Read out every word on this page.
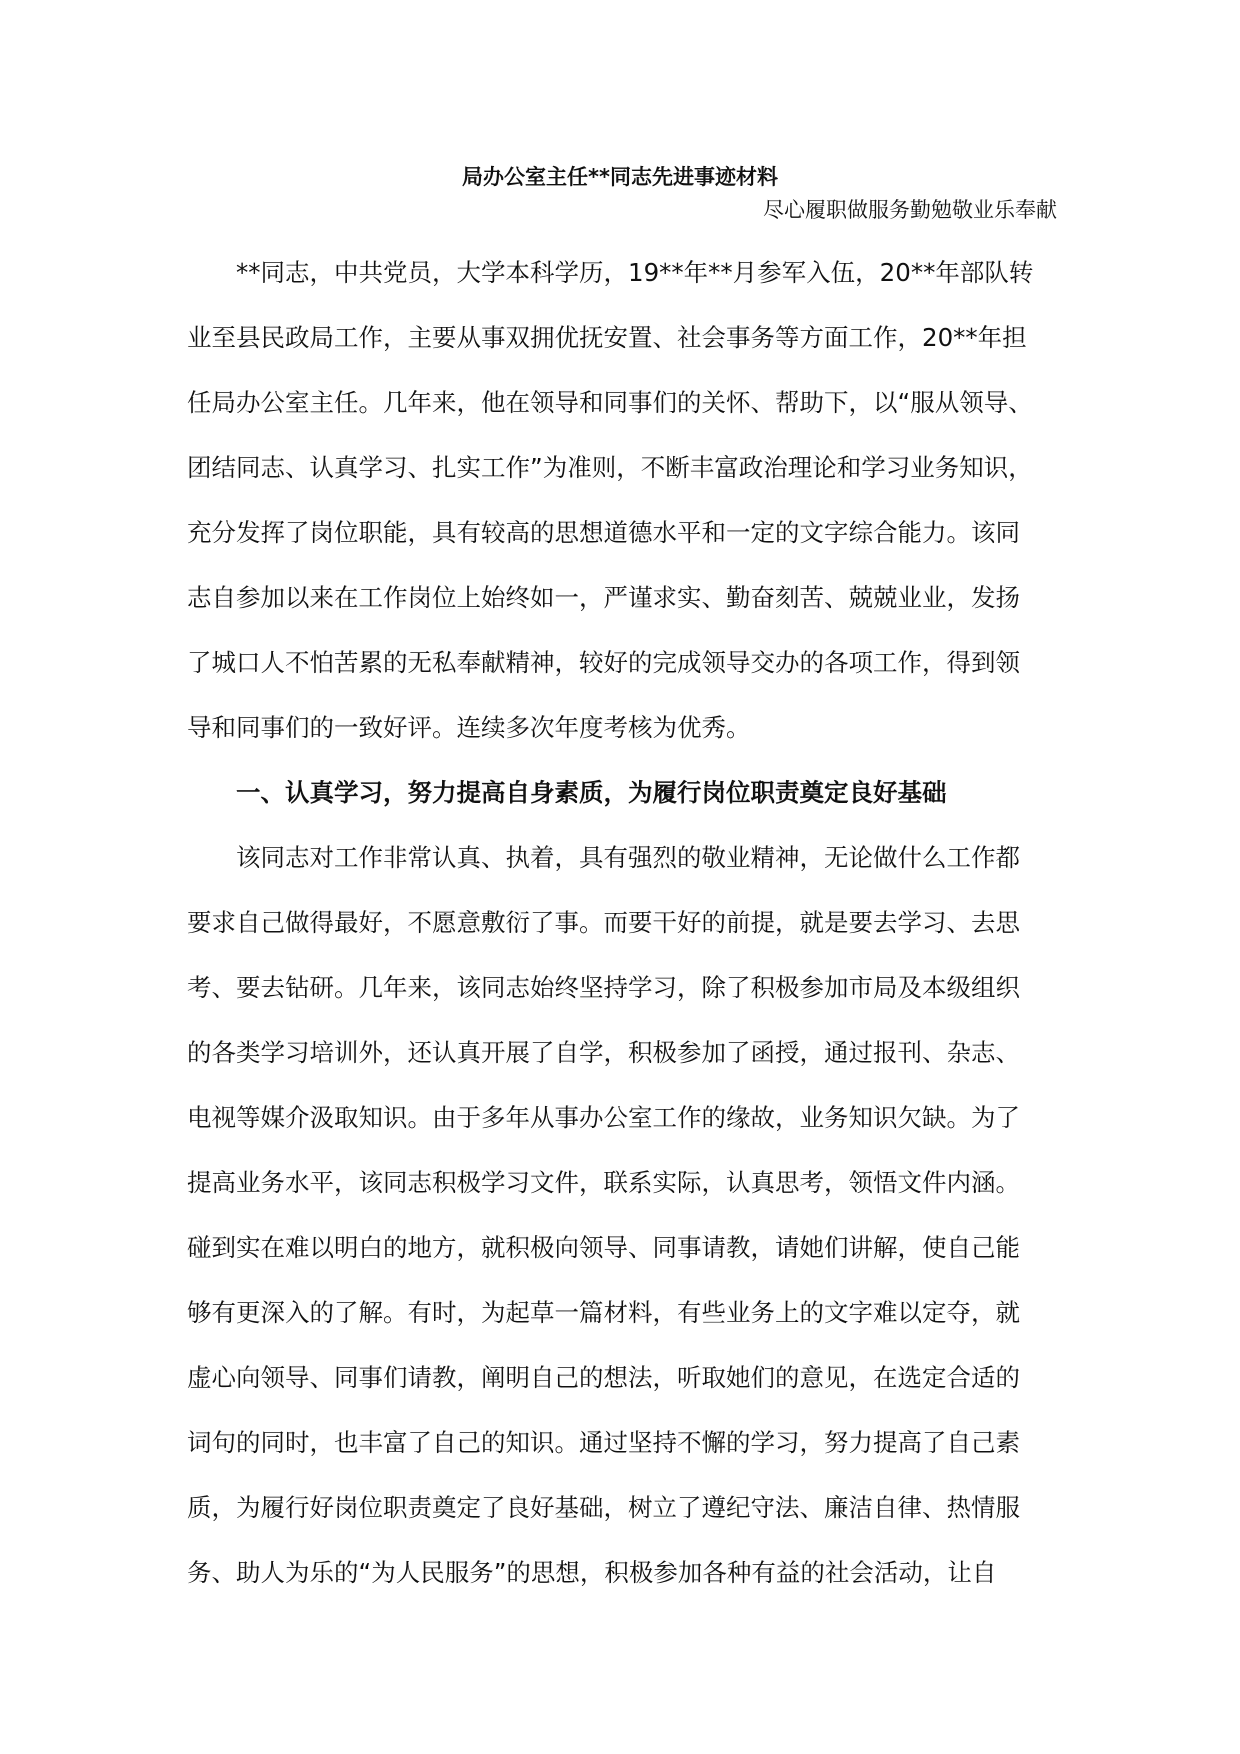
局办公室主任**同志先进事迹材料
尽心履职做服务勤勉敬业乐奉献
**同志，中共党员，大学本科学历，19**年**月参军入伍，20**年部队转
业至县民政局工作，主要从事双拥优抚安置、社会事务等方面工作，20**年担
任局办公室主任。几年来，他在领导和同事们的关怀、帮助下，以“服从领导、
团结同志、认真学习、扎实工作”为准则，不断丰富政治理论和学习业务知识，
充分发挥了岗位职能，具有较高的思想道德水平和一定的文字综合能力。该同
志自参加以来在工作岗位上始终如一，严谨求实、勤奋刻苦、兢兢业业，发扬
了城口人不怕苦累的无私奉献精神，较好的完成领导交办的各项工作，得到领
导和同事们的一致好评。连续多次年度考核为优秀。
一、认真学习，努力提高自身素质，为履行岗位职责奠定良好基础
该同志对工作非常认真、执着，具有强烈的敬业精神，无论做什么工作都
要求自己做得最好，不愿意敷衍了事。而要干好的前提，就是要去学习、去思
考、要去钻研。几年来，该同志始终坚持学习，除了积极参加市局及本级组织
的各类学习培训外，还认真开展了自学，积极参加了函授，通过报刊、杂志、
电视等媒介汲取知识。由于多年从事办公室工作的缘故，业务知识欠缺。为了
提高业务水平，该同志积极学习文件，联系实际，认真思考，领悟文件内涵。
碰到实在难以明白的地方，就积极向领导、同事请教，请她们讲解，使自己能
够有更深入的了解。有时，为起草一篇材料，有些业务上的文字难以定夺，就
虚心向领导、同事们请教，阐明自己的想法，听取她们的意见，在选定合适的
词句的同时，也丰富了自己的知识。通过坚持不懈的学习，努力提高了自己素
质，为履行好岗位职责奠定了良好基础，树立了遵纪守法、廉洁自律、热情服
务、助人为乐的“为人民服务”的思想，积极参加各种有益的社会活动，让自
